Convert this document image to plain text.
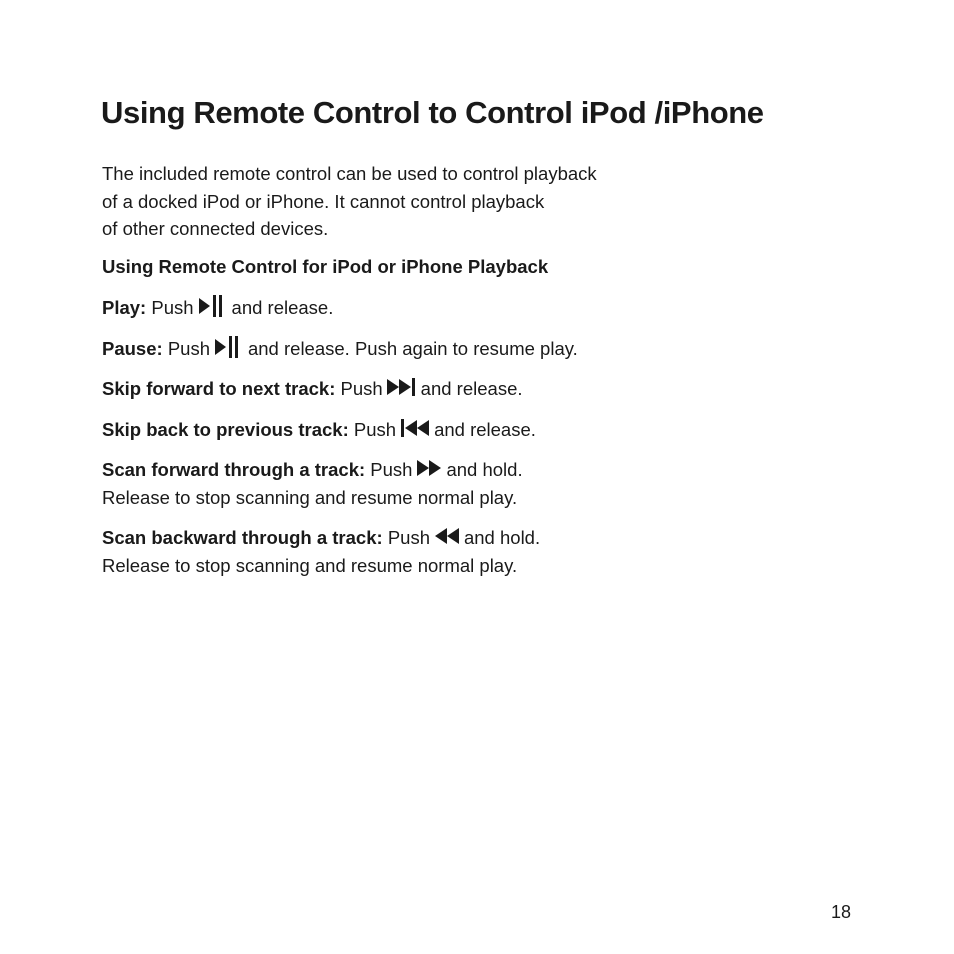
Using Remote Control to Control iPod /iPhone

The included remote control can be used to control playback
of a docked iPod or iPhone. It cannot control playback
of other connected devices.

Using Remote Control for iPod or iPhone Playback

Play: Push and release.

Pause: Push and release. Push again to resume play.

Skip forward to next track: Push and release.

Skip back to previous track: Push and release.

Scan forward through a track: Push and hold.
Release to stop scanning and resume normal play.

Scan backward through a track: Push and hold.
Release to stop scanning and resume normal play.

18
